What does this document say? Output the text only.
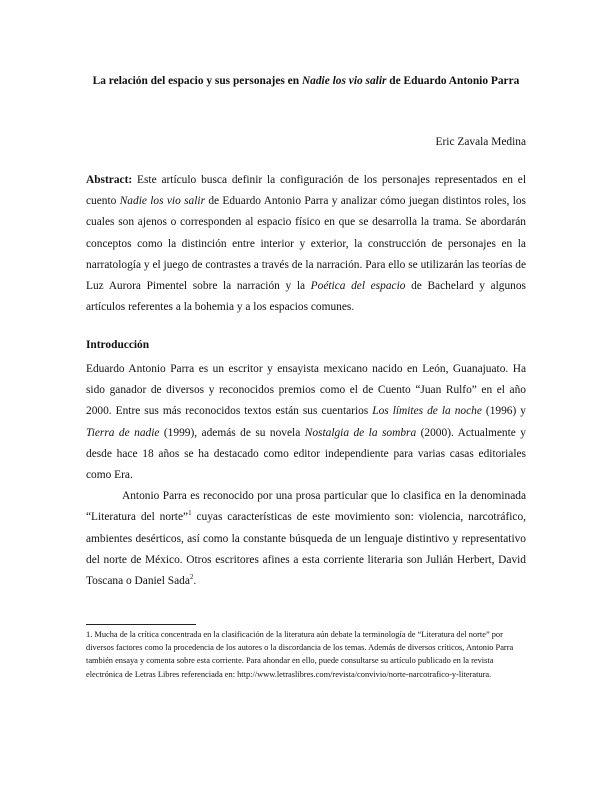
La relación del espacio y sus personajes en Nadie los vio salir de Eduardo Antonio Parra
Eric Zavala Medina
Abstract: Este artículo busca definir la configuración de los personajes representados en el cuento Nadie los vio salir de Eduardo Antonio Parra y analizar cómo juegan distintos roles, los cuales son ajenos o corresponden al espacio físico en que se desarrolla la trama. Se abordarán conceptos como la distinción entre interior y exterior, la construcción de personajes en la narratología y el juego de contrastes a través de la narración. Para ello se utilizarán las teorías de Luz Aurora Pimentel sobre la narración y la Poética del espacio de Bachelard y algunos artículos referentes a la bohemia y a los espacios comunes.
Introducción

Eduardo Antonio Parra es un escritor y ensayista mexicano nacido en León, Guanajuato. Ha sido ganador de diversos y reconocidos premios como el de Cuento “Juan Rulfo” en el año 2000. Entre sus más reconocidos textos están sus cuentarios Los límites de la noche (1996) y Tierra de nadie (1999), además de su novela Nostalgia de la sombra (2000). Actualmente y desde hace 18 años se ha destacado como editor independiente para varias casas editoriales como Era.

Antonio Parra es reconocido por una prosa particular que lo clasifica en la denominada “Literatura del norte”$^1$ cuyas características de este movimiento son: violencia, narcotráfico, ambientes desérticos, así como la constante búsqueda de un lenguaje distintivo y representativo del norte de México. Otros escritores afines a esta corriente literaria son Julián Herbert, David Toscana o Daniel Sada$^2$.

1. Mucha de la crítica concentrada en la clasificación de la literatura aún debate la terminología de “Literatura del norte” por diversos factores como la procedencia de los autores o la discordancia de los temas. Además de diversos críticos, Antonio Parra también ensaya y comenta sobre esta corriente. Para ahondar en ello, puede consultarse su artículo publicado en la revista electrónica de Letras Libres referenciada en: http://www.letraslibres.com/revista/convivio/norte-narcotrafico-y-literatura.
